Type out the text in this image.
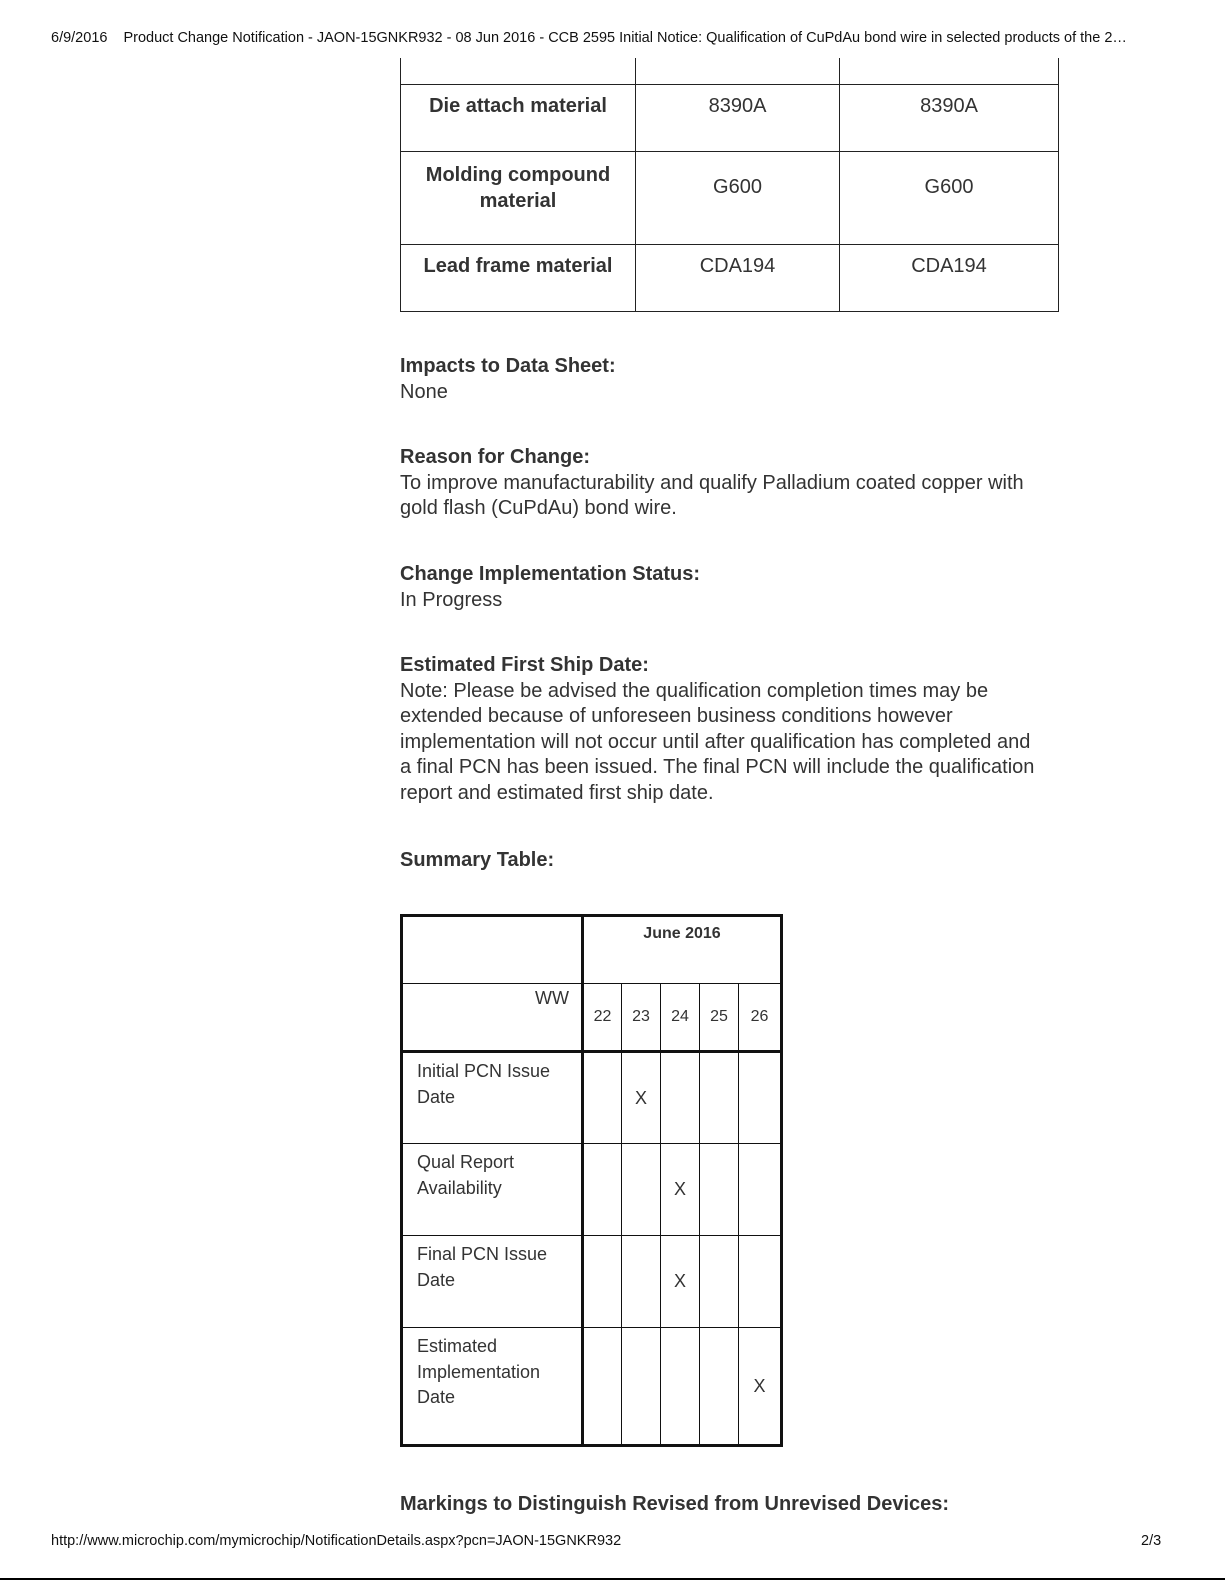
6/9/2016 Product Change Notification - JAON-15GNKR932 - 08 Jun 2016 - CCB 2595 Initial Notice: Qualification of CuPdAu bond wire in selected products of the 2…

Die attach material	8390A	8390A
Molding compound material	G600	G600
Lead frame material	CDA194	CDA194
Impacts to Data Sheet:
None
Reason for Change:
To improve manufacturability and qualify Palladium coated copper with gold flash (CuPdAu) bond wire.
Change Implementation Status:
In Progress
Estimated First Ship Date:
Note: Please be advised the qualification completion times may be extended because of unforeseen business conditions however implementation will not occur until after qualification has completed and a final PCN has been issued. The final PCN will include the qualification report and estimated first ship date.
Summary Table:
	June 2016				
WW	22	23	24	25	26
Initial PCN Issue Date		X			
Qual Report Availability			X		
Final PCN Issue Date			X		
Estimated Implementation Date					X
Markings to Distinguish Revised from Unrevised Devices:
http://www.microchip.com/mymicrochip/NotificationDetails.aspx?pcn=JAON-15GNKR932	2/3
